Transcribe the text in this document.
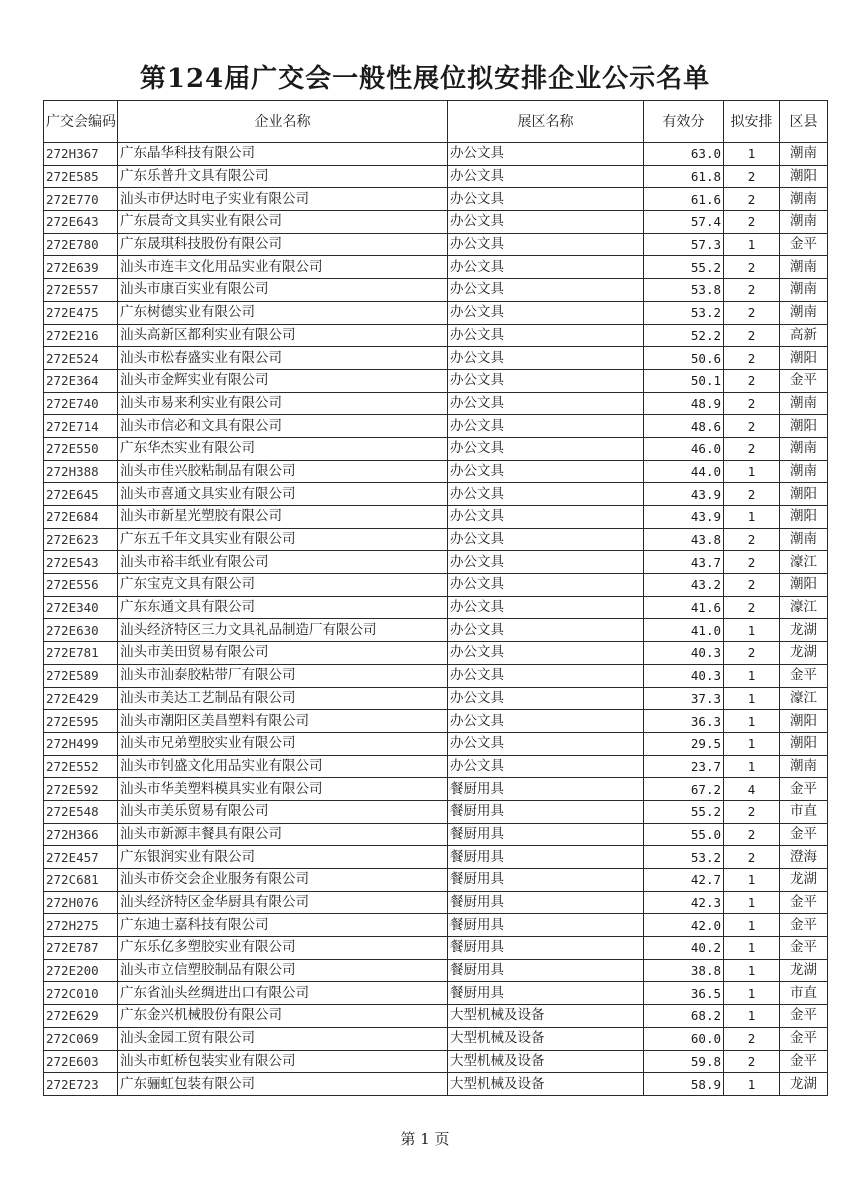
第124届广交会一般性展位拟安排企业公示名单
广交会编码	企业名称	展区名称	有效分	拟安排	区县
272H367	广东晶华科技有限公司	办公文具	63.0	1	潮南
272E585	广东乐普升文具有限公司	办公文具	61.8	2	潮阳
272E770	汕头市伊达时电子实业有限公司	办公文具	61.6	2	潮南
272E643	广东晨奇文具实业有限公司	办公文具	57.4	2	潮南
272E780	广东晟琪科技股份有限公司	办公文具	57.3	1	金平
272E639	汕头市连丰文化用品实业有限公司	办公文具	55.2	2	潮南
272E557	汕头市康百实业有限公司	办公文具	53.8	2	潮南
272E475	广东树德实业有限公司	办公文具	53.2	2	潮南
272E216	汕头高新区都利实业有限公司	办公文具	52.2	2	高新
272E524	汕头市松春盛实业有限公司	办公文具	50.6	2	潮阳
272E364	汕头市金辉实业有限公司	办公文具	50.1	2	金平
272E740	汕头市易来利实业有限公司	办公文具	48.9	2	潮南
272E714	汕头市信必和文具有限公司	办公文具	48.6	2	潮阳
272E550	广东华杰实业有限公司	办公文具	46.0	2	潮南
272H388	汕头市佳兴胶粘制品有限公司	办公文具	44.0	1	潮南
272E645	汕头市喜通文具实业有限公司	办公文具	43.9	2	潮阳
272E684	汕头市新星光塑胶有限公司	办公文具	43.9	1	潮阳
272E623	广东五千年文具实业有限公司	办公文具	43.8	2	潮南
272E543	汕头市裕丰纸业有限公司	办公文具	43.7	2	濠江
272E556	广东宝克文具有限公司	办公文具	43.2	2	潮阳
272E340	广东东通文具有限公司	办公文具	41.6	2	濠江
272E630	汕头经济特区三力文具礼品制造厂有限公司	办公文具	41.0	1	龙湖
272E781	汕头市美田贸易有限公司	办公文具	40.3	2	龙湖
272E589	汕头市汕泰胶粘带厂有限公司	办公文具	40.3	1	金平
272E429	汕头市美达工艺制品有限公司	办公文具	37.3	1	濠江
272E595	汕头市潮阳区美昌塑料有限公司	办公文具	36.3	1	潮阳
272H499	汕头市兄弟塑胶实业有限公司	办公文具	29.5	1	潮阳
272E552	汕头市钊盛文化用品实业有限公司	办公文具	23.7	1	潮南
272E592	汕头市华美塑料模具实业有限公司	餐厨用具	67.2	4	金平
272E548	汕头市美乐贸易有限公司	餐厨用具	55.2	2	市直
272H366	汕头市新源丰餐具有限公司	餐厨用具	55.0	2	金平
272E457	广东银润实业有限公司	餐厨用具	53.2	2	澄海
272C681	汕头市侨交会企业服务有限公司	餐厨用具	42.7	1	龙湖
272H076	汕头经济特区金华厨具有限公司	餐厨用具	42.3	1	金平
272H275	广东迪士嘉科技有限公司	餐厨用具	42.0	1	金平
272E787	广东乐亿多塑胶实业有限公司	餐厨用具	40.2	1	金平
272E200	汕头市立信塑胶制品有限公司	餐厨用具	38.8	1	龙湖
272C010	广东省汕头丝绸进出口有限公司	餐厨用具	36.5	1	市直
272E629	广东金兴机械股份有限公司	大型机械及设备	68.2	1	金平
272C069	汕头金园工贸有限公司	大型机械及设备	60.0	2	金平
272E603	汕头市虹桥包装实业有限公司	大型机械及设备	59.8	2	金平
272E723	广东骊虹包装有限公司	大型机械及设备	58.9	1	龙湖
第 1 页
